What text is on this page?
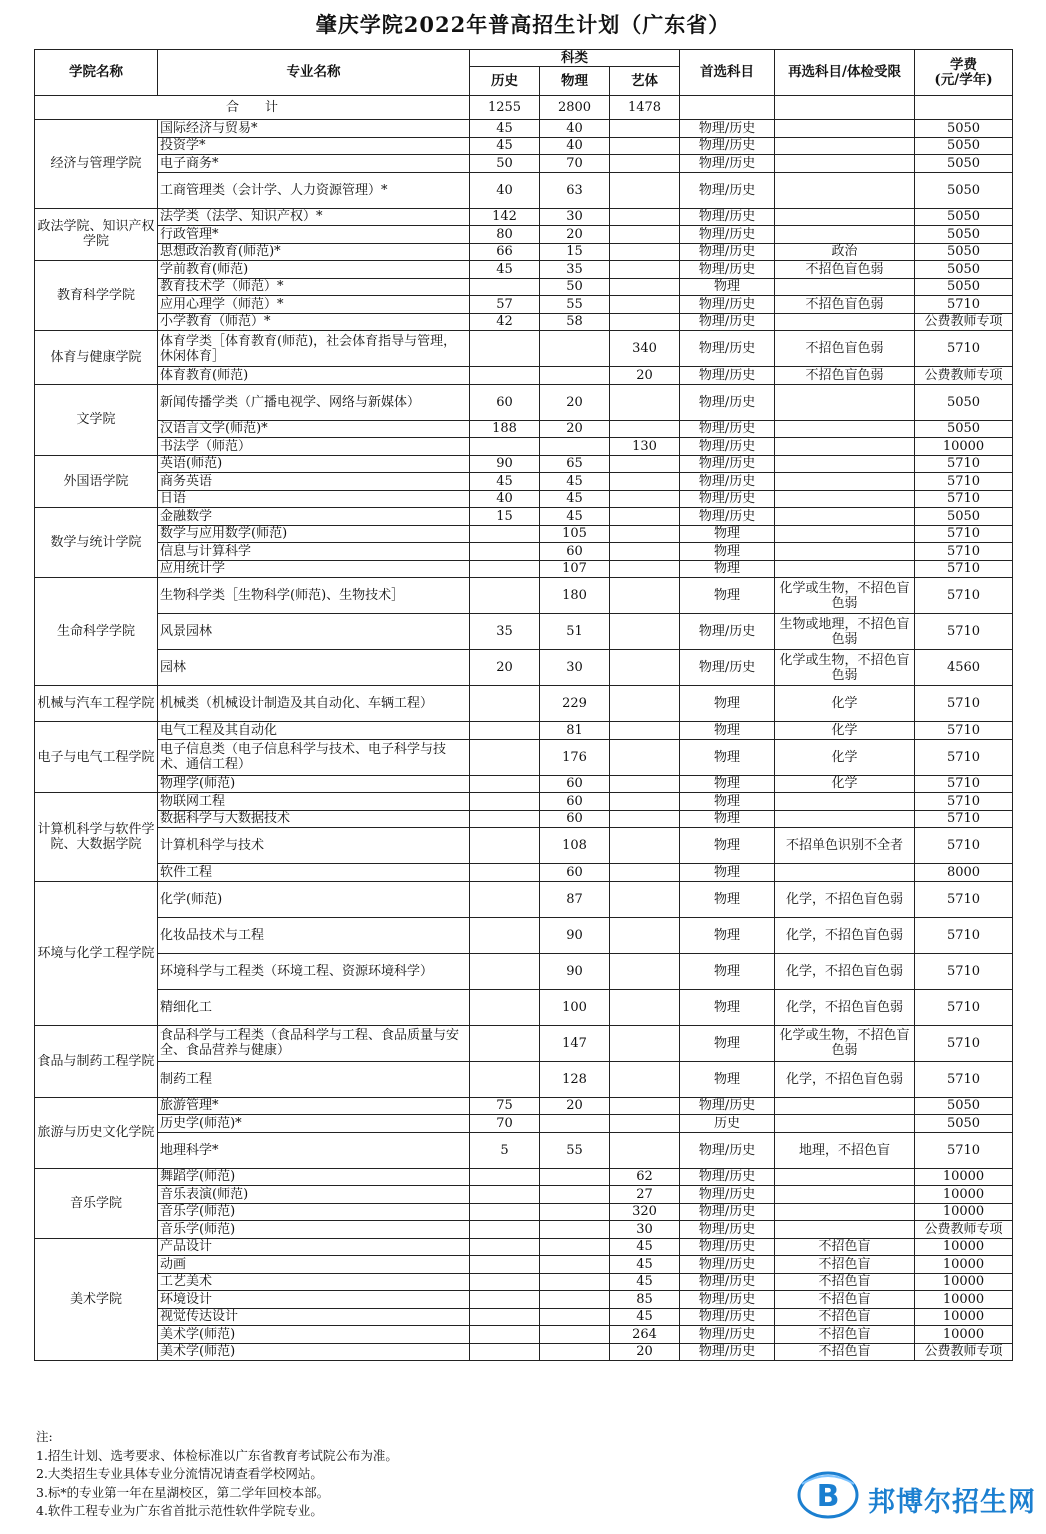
肇庆学院2022年普高招生计划（广东省）
学院名称	专业名称	科类			首选科目	再选科目/体检受限	学费
(元/学年)

		历史	物理	艺体			
合　　计		1255	2800	1478			
经济与管理学院	国际经济与贸易*	45	40		物理/历史		5050
	投资学*	45	40		物理/历史		5050
	电子商务*	50	70		物理/历史		5050
	工商管理类（会计学、人力资源管理）*	40	63		物理/历史		5050
政法学院、知识产权学院	法学类（法学、知识产权）*	142	30		物理/历史		5050
	行政管理*	80	20		物理/历史		5050
	思想政治教育(师范)*	66	15		物理/历史	政治	5050
教育科学学院	学前教育(师范)	45	35		物理/历史	不招色盲色弱	5050
	教育技术学（师范）*		50		物理		5050
	应用心理学（师范）*	57	55		物理/历史	不招色盲色弱	5710
	小学教育（师范）*	42	58		物理/历史		公费教师专项
体育与健康学院	体育学类［体育教育(师范)，社会体育指导与管理，休闲体育］			340	物理/历史	不招色盲色弱	5710
	体育教育(师范)			20	物理/历史	不招色盲色弱	公费教师专项
文学院	新闻传播学类（广播电视学、网络与新媒体）	60	20		物理/历史		5050
	汉语言文学(师范)*	188	20		物理/历史		5050
	书法学（师范）			130	物理/历史		10000
外国语学院	英语(师范)	90	65		物理/历史		5710
	商务英语	45	45		物理/历史		5710
	日语	40	45		物理/历史		5710
数学与统计学院	金融数学	15	45		物理/历史		5050
	数学与应用数学(师范)		105		物理		5710
	信息与计算科学		60		物理		5710
	应用统计学		107		物理		5710
生命科学学院	生物科学类［生物科学(师范)、生物技术］		180		物理	化学或生物，不招色盲色弱	5710
	风景园林	35	51		物理/历史	生物或地理，不招色盲色弱	5710
	园林	20	30		物理/历史	化学或生物，不招色盲色弱	4560
机械与汽车工程学院	机械类（机械设计制造及其自动化、车辆工程）		229		物理	化学	5710
电子与电气工程学院	电气工程及其自动化		81		物理	化学	5710
	电子信息类（电子信息科学与技术、电子科学与技术、通信工程）		176		物理	化学	5710
	物理学(师范)		60		物理	化学	5710
计算机科学与软件学院、大数据学院	物联网工程		60		物理		5710
	数据科学与大数据技术		60		物理		5710
	计算机科学与技术		108		物理	不招单色识别不全者	5710
	软件工程		60		物理		8000
环境与化学工程学院	化学(师范)		87		物理	化学，不招色盲色弱	5710
	化妆品技术与工程		90		物理	化学，不招色盲色弱	5710
	环境科学与工程类（环境工程、资源环境科学）		90		物理	化学，不招色盲色弱	5710
	精细化工		100		物理	化学，不招色盲色弱	5710
食品与制药工程学院	食品科学与工程类（食品科学与工程、食品质量与安全、食品营养与健康）		147		物理	化学或生物，不招色盲色弱	5710
	制药工程		128		物理	化学，不招色盲色弱	5710
旅游与历史文化学院	旅游管理*	75	20		物理/历史		5050
	历史学(师范)*	70			历史		5050
	地理科学*	5	55		物理/历史	地理，不招色盲	5710
音乐学院	舞蹈学(师范)			62	物理/历史		10000
	音乐表演(师范)			27	物理/历史		10000
	音乐学(师范)			320	物理/历史		10000
	音乐学(师范)			30	物理/历史		公费教师专项
美术学院	产品设计			45	物理/历史	不招色盲	10000
	动画			45	物理/历史	不招色盲	10000
	工艺美术			45	物理/历史	不招色盲	10000
	环境设计			85	物理/历史	不招色盲	10000
	视觉传达设计			45	物理/历史	不招色盲	10000
	美术学(师范)			264	物理/历史	不招色盲	10000
	美术学(师范)			20	物理/历史	不招色盲	公费教师专项
注:
1.招生计划、选考要求、体检标准以广东省教育考试院公布为准。
2.大类招生专业具体专业分流情况请查看学校网站。
3.标*的专业第一年在星湖校区，第二学年回校本部。
4.软件工程专业为广东省首批示范性软件学院专业。	B 邦博尔招生网
